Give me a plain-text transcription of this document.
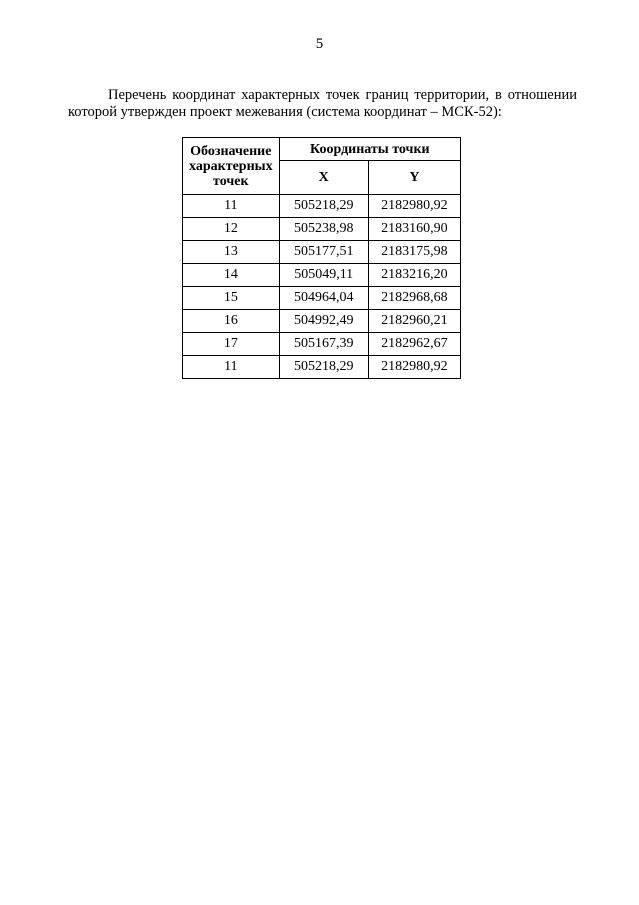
5

Перечень координат характерных точек границ территории, в отношении которой утвержден проект межевания (система координат – МСК-52):

Обозначение характерных точек	Координаты точки	
	X	Y
11	505218,29	2182980,92
12	505238,98	2183160,90
13	505177,51	2183175,98
14	505049,11	2183216,20
15	504964,04	2182968,68
16	504992,49	2182960,21
17	505167,39	2182962,67
11	505218,29	2182980,92
